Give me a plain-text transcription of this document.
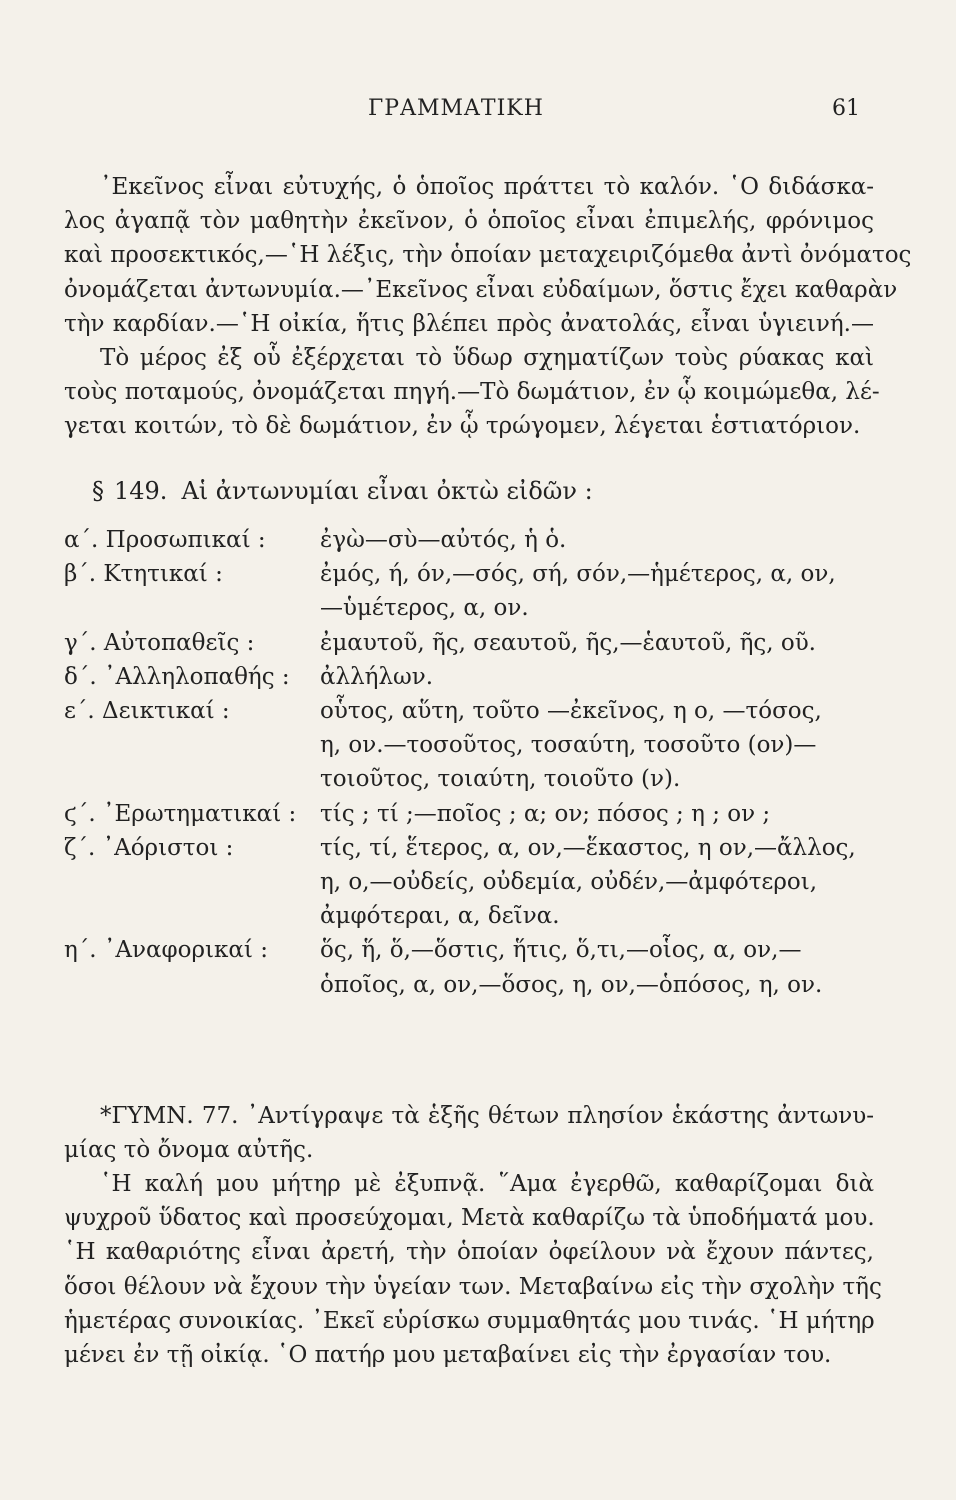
ΓΡΑΜΜΑΤΙΚΗ	61
᾿Εκεῖνος εἶναι εὐτυχής, ὁ ὁποῖος πράττει τὸ καλόν. ῾Ο διδάσκα-
λος ἀγαπᾷ τὸν μαθητὴν ἐκεῖνον, ὁ ὁποῖος εἶναι ἐπιμελής, φρόνιμος
καὶ προσεκτικός,—῾Η λέξις, τὴν ὁποίαν μεταχειριζόμεθα ἀντὶ ὀνόματος
ὀνομάζεται ἀντωνυμία.—᾿Εκεῖνος εἶναι εὐδαίμων, ὅστις ἔχει καθαρὰν
τὴν καρδίαν.—῾Η οἰκία, ἥτις βλέπει πρὸς ἀνατολάς, εἶναι ὑγιεινή.—
Τὸ μέρος ἐξ οὗ ἐξέρχεται τὸ ὕδωρ σχηματίζων τοὺς ρύακας καὶ
τοὺς ποταμούς, ὀνομάζεται πηγή.—Τὸ δωμάτιον, ἐν ᾧ κοιμώμεθα, λέ-
γεται κοιτών, τὸ δὲ δωμάτιον, ἐν ᾧ τρώγομεν, λέγεται ἑστιατόριον.
§ 149. Αἱ ἀντωνυμίαι εἶναι ὀκτὼ εἰδῶν :
α΄. Προσωπικαί :	ἐγὼ—σὺ—αὐτός, ἡ ὁ.
β΄. Κτητικαί :	ἐμός, ή, όν,—σός, σή, σόν,—ἡμέτερος, α, ον,
—ὑμέτερος, α, ον.
γ΄. Αὐτοπαθεῖς :	ἐμαυτοῦ, ῆς, σεαυτοῦ, ῆς,—ἑαυτοῦ, ῆς, οῦ.
δ΄. ᾿Αλληλοπαθής :	ἀλλήλων.
ε΄. Δεικτικαί :	οὗτος, αὕτη, τοῦτο —ἐκεῖνος, η ο, —τόσος,
η, ον.—τοσοῦτος, τοσαύτη, τοσοῦτο (ον)—
τοιοῦτος, τοιαύτη, τοιοῦτο (ν).
ϛ΄. ᾿Ερωτηματικαί :	τίς ; τί ;—ποῖος ; α; ον; πόσος ; η ; ον ;
ζ΄. ᾿Αόριστοι :	τίς, τί, ἕτερος, α, ον,—ἕκαστος, η ον,—ἄλλος,
η, ο,—οὐδείς, οὐδεμία, οὐδέν,—ἀμφότεροι,
ἀμφότεραι, α, δεῖνα.
η΄. ᾿Αναφορικαί :	ὅς, ἥ, ὅ,—ὅστις, ἥτις, ὅ,τι,—οἷος, α, ον,—
ὁποῖος, α, ον,—ὅσος, η, ον,—ὁπόσος, η, ον.
*ΓΥΜΝ. 77. ᾿Αντίγραψε τὰ ἑξῆς θέτων πλησίον ἑκάστης ἀντωνυ-
μίας τὸ ὄνομα αὐτῆς.
῾Η καλή μου μήτηρ μὲ ἐξυπνᾷ. ῞Αμα ἐγερθῶ, καθαρίζομαι διὰ
ψυχροῦ ὕδατος καὶ προσεύχομαι, Μετὰ καθαρίζω τὰ ὑποδήματά μου.
῾Η καθαριότης εἶναι ἀρετή, τὴν ὁποίαν ὀφείλουν νὰ ἔχουν πάντες,
ὅσοι θέλουν νὰ ἔχουν τὴν ὑγείαν των. Μεταβαίνω εἰς τὴν σχολὴν τῆς
ἡμετέρας συνοικίας. ᾿Εκεῖ εὑρίσκω συμμαθητάς μου τινάς. ῾Η μήτηρ
μένει ἐν τῇ οἰκίᾳ. ῾Ο πατήρ μου μεταβαίνει εἰς τὴν ἐργασίαν του.
